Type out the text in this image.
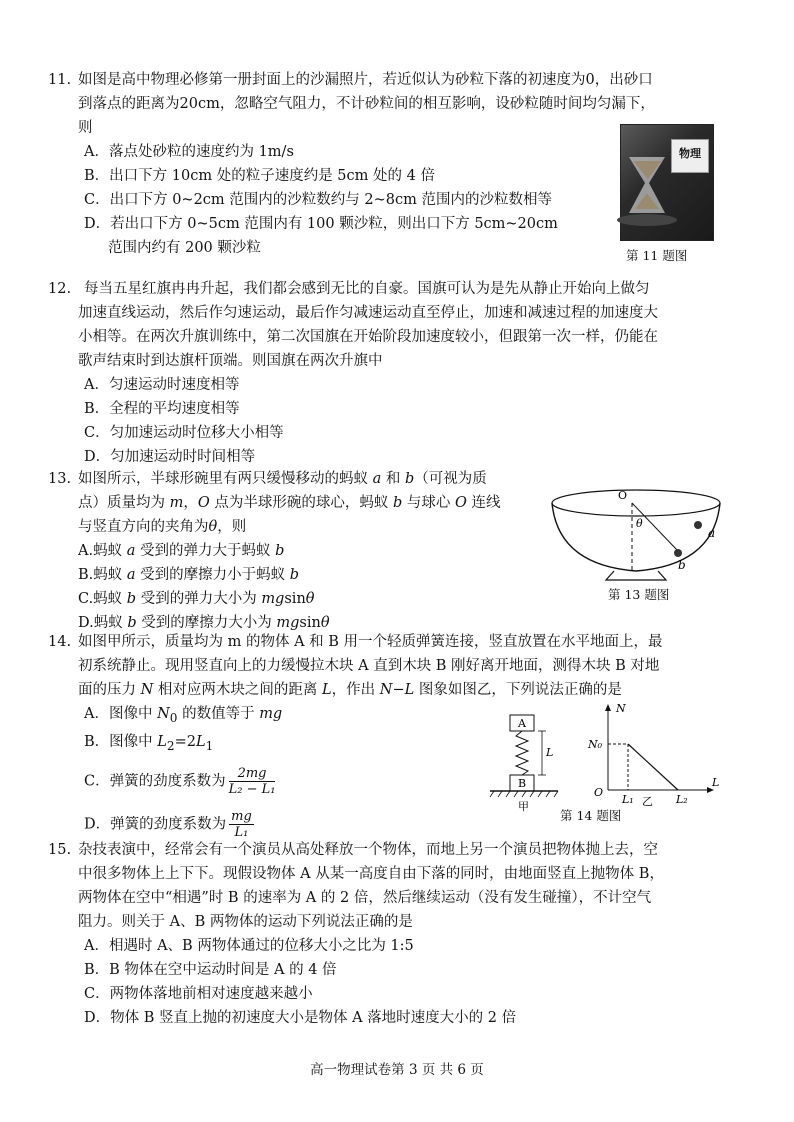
11. 如图是高中物理必修第一册封面上的沙漏照片，若近似认为砂粒下落的初速度为0，出砂口

到落点的距离为20cm，忽略空气阻力，不计砂粒间的相互影响，设砂粒随时间均匀漏下，

则

A．落点处砂粒的速度约为 1m/s

B．出口下方 10cm 处的粒子速度约是 5cm 处的 4 倍

C．出口下方 0~2cm 范围内的沙粒数约与 2~8cm 范围内的沙粒数相等

D．若出口下方 0~5cm 范围内有 100 颗沙粒，则出口下方 5cm~20cm

范围内约有 200 颗沙粒

物理
第 11 题图
12. 每当五星红旗冉冉升起，我们都会感到无比的自豪。国旗可认为是先从静止开始向上做匀

加速直线运动，然后作匀速运动，最后作匀减速运动直至停止，加速和减速过程的加速度大

小相等。在两次升旗训练中，第二次国旗在开始阶段加速度较小，但跟第一次一样，仍能在

歌声结束时到达旗杆顶端。则国旗在两次升旗中

A．匀速运动时速度相等

B．全程的平均速度相等

C．匀加速运动时位移大小相等

D．匀加速运动时时间相等

13. 如图所示，半球形碗里有两只缓慢移动的蚂蚁 a 和 b（可视为质

点）质量均为 m，O 点为半球形碗的球心，蚂蚁 b 与球心 O 连线

与竖直方向的夹角为θ，则

A.蚂蚁 a 受到的弹力大于蚂蚁 b

B.蚂蚁 a 受到的摩擦力小于蚂蚁 b

C.蚂蚁 b 受到的弹力大小为 mgsinθ

D.蚂蚁 b 受到的摩擦力大小为 mgsinθ

O
θ
a
b
第 13 题图
14. 如图甲所示，质量均为 m 的物体 A 和 B 用一个轻质弹簧连接，竖直放置在水平地面上，最

初系统静止。现用竖直向上的力缓慢拉木块 A 直到木块 B 刚好离开地面，测得木块 B 对地

面的压力 N 相对应两木块之间的距离 L，作出 N−L 图象如图乙，下列说法正确的是

A．图像中 $N_0$ 的数值等于 mg

B．图像中 $L_2=2L_1$

C．弹簧的劲度系数为 $\frac{2mg}{\text{L₂ − L₁}}$

D．弹簧的劲度系数为 $\frac{mg}{\text{L₁}}$

A
B
L
甲
N
L
N₀
O
L₁	L₂
乙
第 14 题图
15. 杂技表演中，经常会有一个演员从高处释放一个物体，而地上另一个演员把物体抛上去，空

中很多物体上上下下。现假设物体 A 从某一高度自由下落的同时，由地面竖直上抛物体 B，

两物体在空中“相遇”时 B 的速率为 A 的 2 倍，然后继续运动（没有发生碰撞），不计空气

阻力。则关于 A、B 两物体的运动下列说法正确的是

A．相遇时 A、B 两物体通过的位移大小之比为 1:5

B．B 物体在空中运动时间是 A 的 4 倍

C．两物体落地前相对速度越来越小

D．物体 B 竖直上抛的初速度大小是物体 A 落地时速度大小的 2 倍

高一物理试卷第 3 页 共 6 页
